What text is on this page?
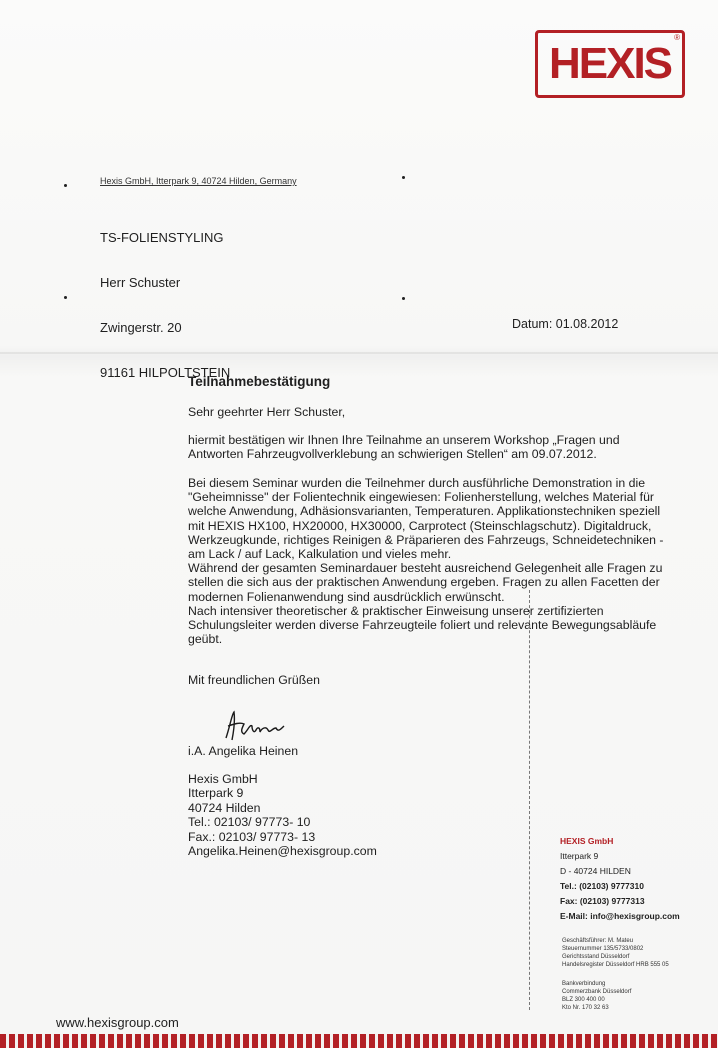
HEXIS
®
Hexis GmbH, Itterpark 9, 40724 Hilden, Germany

TS-FOLIENSTYLING

Herr Schuster

Zwingerstr. 20

91161 HILPOLTSTEIN

Datum: 01.08.2012
Teilnahmebestätigung
Sehr geehrter Herr Schuster,
hiermit bestätigen wir Ihnen Ihre Teilnahme an unserem Workshop „Fragen und
Antworten Fahrzeugvollverklebung an schwierigen Stellen“ am 09.07.2012.
Bei diesem Seminar wurden die Teilnehmer durch ausführliche Demonstration in die
"Geheimnisse" der Folientechnik eingewiesen: Folienherstellung, welches Material für
welche Anwendung, Adhäsionsvarianten, Temperaturen. Applikationstechniken speziell
mit HEXIS HX100, HX20000, HX30000, Carprotect (Steinschlagschutz). Digitaldruck,
Werkzeugkunde, richtiges Reinigen & Präparieren des Fahrzeugs, Schneidetechniken -
am Lack / auf Lack, Kalkulation und vieles mehr.
Während der gesamten Seminardauer besteht ausreichend Gelegenheit alle Fragen zu
stellen die sich aus der praktischen Anwendung ergeben. Fragen zu allen Facetten der
modernen Folienanwendung sind ausdrücklich erwünscht.
Nach intensiver theoretischer & praktischer Einweisung unserer zertifizierten
Schulungsleiter werden diverse Fahrzeugteile foliert und relevante Bewegungsabläufe
geübt.
Mit freundlichen Grüßen
i.A. Angelika Heinen
Hexis GmbH
Itterpark 9
40724 Hilden
Tel.: 02103/ 97773- 10
Fax.: 02103/ 97773- 13
Angelika.Heinen@hexisgroup.com
HEXIS GmbH
Itterpark 9
D - 40724 HILDEN
Tel.: (02103) 9777310
Fax: (02103) 9777313
E-Mail: info@hexisgroup.com
Geschäftsführer: M. Mateu
Steuernummer 135/5733/0802
Gerichtsstand Düsseldorf
Handelsregister Düsseldorf HRB 555 05
Bankverbindung
Commerzbank Düsseldorf
BLZ 300 400 00
Kto Nr. 170 32 63
www.hexisgroup.com
